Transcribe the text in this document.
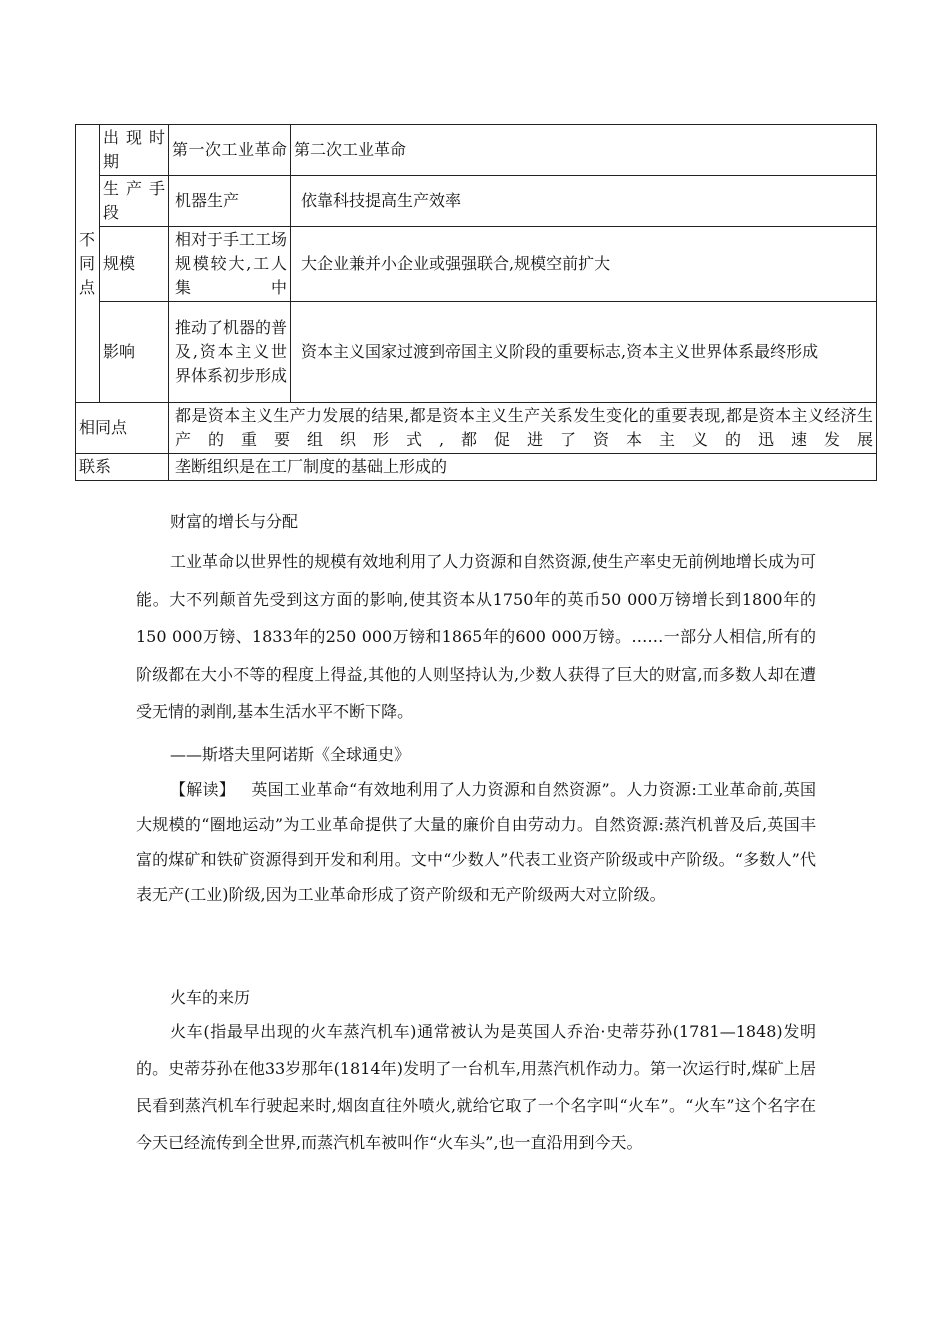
不同点	出现时期	第一次工业革命	第二次工业革命
	生产手段	机器生产	依靠科技提高生产效率
	规模	相对于手工工场规模较大,工人集中	大企业兼并小企业或强强联合,规模空前扩大
	影响	推动了机器的普及,资本主义世界体系初步形成	资本主义国家过渡到帝国主义阶段的重要标志,资本主义世界体系最终形成
相同点		都是资本主义生产力发展的结果,都是资本主义生产关系发生变化的重要表现,都是资本主义经济生产的重要组织形式,都促进了资本主义的迅速发展	
联系		垄断组织是在工厂制度的基础上形成的	
财富的增长与分配
工业革命以世界性的规模有效地利用了人力资源和自然资源,使生产率史无前例地增长成为可能。大不列颠首先受到这方面的影响,使其资本从1750年的英币50 000万镑增长到1800年的150 000万镑、1833年的250 000万镑和1865年的600 000万镑。……一部分人相信,所有的阶级都在大小不等的程度上得益,其他的人则坚持认为,少数人获得了巨大的财富,而多数人却在遭受无情的剥削,基本生活水平不断下降。
——斯塔夫里阿诺斯《全球通史》
【解读】 英国工业革命“有效地利用了人力资源和自然资源”。人力资源:工业革命前,英国大规模的“圈地运动”为工业革命提供了大量的廉价自由劳动力。自然资源:蒸汽机普及后,英国丰富的煤矿和铁矿资源得到开发和利用。文中“少数人”代表工业资产阶级或中产阶级。“多数人”代表无产(工业)阶级,因为工业革命形成了资产阶级和无产阶级两大对立阶级。
火车的来历
火车(指最早出现的火车蒸汽机车)通常被认为是英国人乔治·史蒂芬孙(1781—1848)发明的。史蒂芬孙在他33岁那年(1814年)发明了一台机车,用蒸汽机作动力。第一次运行时,煤矿上居民看到蒸汽机车行驶起来时,烟囱直往外喷火,就给它取了一个名字叫“火车”。“火车”这个名字在今天已经流传到全世界,而蒸汽机车被叫作“火车头”,也一直沿用到今天。
